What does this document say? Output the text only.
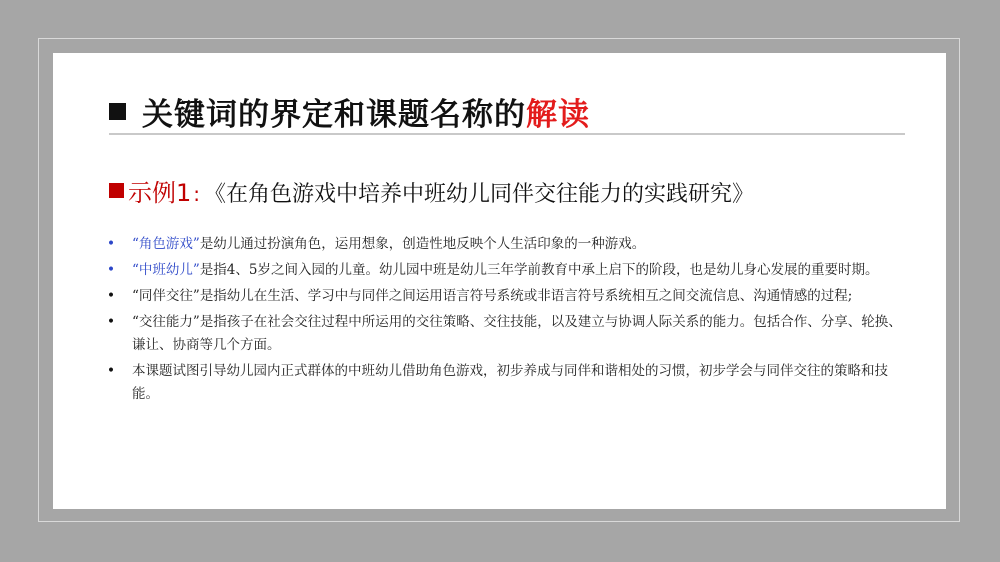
关键词的界定和课题名称的 解读
示例1 : 《在角色游戏中培养中班幼儿同伴交往能力的实践研究》
• “角色游戏”是幼儿通过扮演角色，运用想象，创造性地反映个人生活印象的一种游戏。
• “中班幼儿”是指4、5岁之间入园的儿童。幼儿园中班是幼儿三年学前教育中承上启下的阶段，也是幼儿身心发展的重要时期。
• “同伴交往”是指幼儿在生活、学习中与同伴之间运用语言符号系统或非语言符号系统相互之间交流信息、沟通情感的过程;
• “交往能力”是指孩子在社会交往过程中所运用的交往策略、交往技能，以及建立与协调人际关系的能力。包括合作、分享、轮换、谦让、协商等几个方面。
• 本课题试图引导幼儿园内正式群体的中班幼儿借助角色游戏，初步养成与同伴和谐相处的习惯，初步学会与同伴交往的策略和技能。
